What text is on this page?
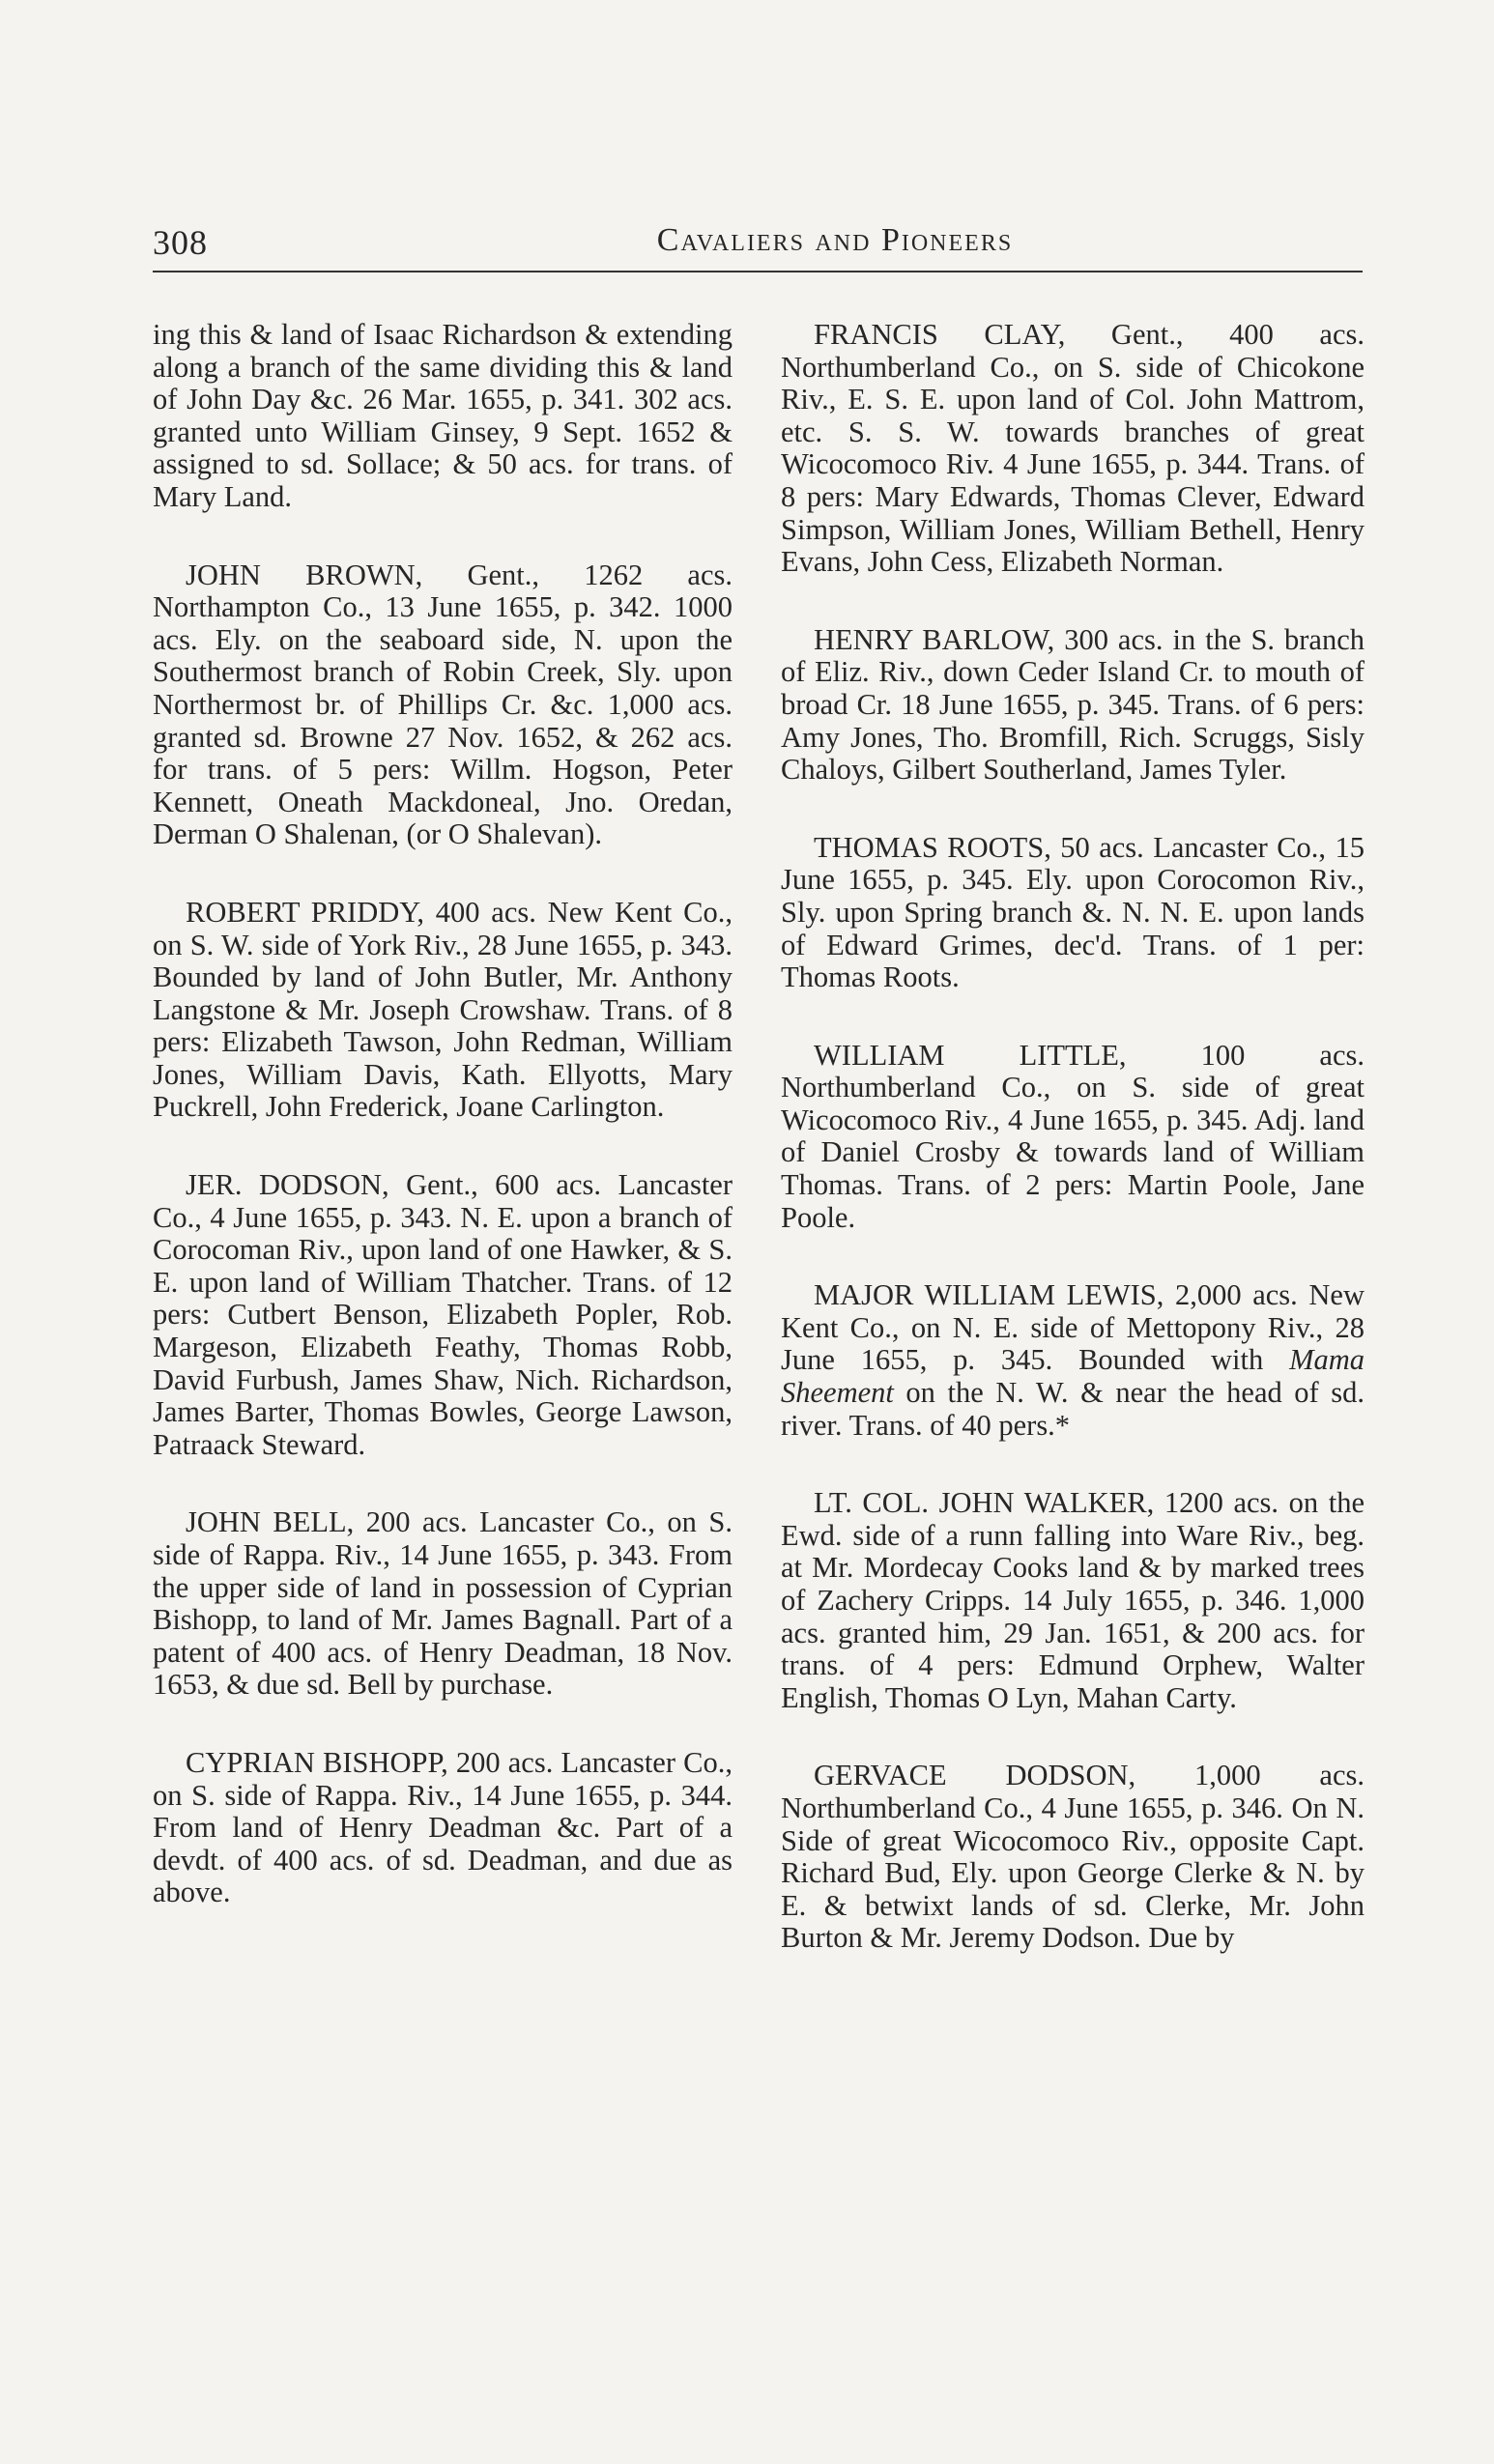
308	Cavaliers and Pioneers

ing this & land of Isaac Richardson & extending along a branch of the same dividing this & land of John Day &c. 26 Mar. 1655, p. 341. 302 acs. granted unto William Ginsey, 9 Sept. 1652 & assigned to sd. Sollace; & 50 acs. for trans. of Mary Land.

JOHN BROWN, Gent., 1262 acs. Northampton Co., 13 June 1655, p. 342. 1000 acs. Ely. on the seaboard side, N. upon the Southermost branch of Robin Creek, Sly. upon Northermost br. of Phillips Cr. &c. 1,000 acs. granted sd. Browne 27 Nov. 1652, & 262 acs. for trans. of 5 pers: Willm. Hogson, Peter Kennett, Oneath Mackdoneal, Jno. Oredan, Derman O Shalenan, (or O Shalevan).

ROBERT PRIDDY, 400 acs. New Kent Co., on S. W. side of York Riv., 28 June 1655, p. 343. Bounded by land of John Butler, Mr. Anthony Langstone & Mr. Joseph Crowshaw. Trans. of 8 pers: Elizabeth Tawson, John Redman, William Jones, William Davis, Kath. Ellyotts, Mary Puckrell, John Frederick, Joane Carlington.

JER. DODSON, Gent., 600 acs. Lancaster Co., 4 June 1655, p. 343. N. E. upon a branch of Corocoman Riv., upon land of one Hawker, & S. E. upon land of William Thatcher. Trans. of 12 pers: Cutbert Benson, Elizabeth Popler, Rob. Margeson, Elizabeth Feathy, Thomas Robb, David Furbush, James Shaw, Nich. Richardson, James Barter, Thomas Bowles, George Lawson, Patraack Steward.

JOHN BELL, 200 acs. Lancaster Co., on S. side of Rappa. Riv., 14 June 1655, p. 343. From the upper side of land in possession of Cyprian Bishopp, to land of Mr. James Bagnall. Part of a patent of 400 acs. of Henry Deadman, 18 Nov. 1653, & due sd. Bell by purchase.

CYPRIAN BISHOPP, 200 acs. Lancaster Co., on S. side of Rappa. Riv., 14 June 1655, p. 344. From land of Henry Deadman &c. Part of a devdt. of 400 acs. of sd. Deadman, and due as above.

FRANCIS CLAY, Gent., 400 acs. Northumberland Co., on S. side of Chicokone Riv., E. S. E. upon land of Col. John Mattrom, etc. S. S. W. towards branches of great Wicocomoco Riv. 4 June 1655, p. 344. Trans. of 8 pers: Mary Edwards, Thomas Clever, Edward Simpson, William Jones, William Bethell, Henry Evans, John Cess, Elizabeth Norman.

HENRY BARLOW, 300 acs. in the S. branch of Eliz. Riv., down Ceder Island Cr. to mouth of broad Cr. 18 June 1655, p. 345. Trans. of 6 pers: Amy Jones, Tho. Bromfill, Rich. Scruggs, Sisly Chaloys, Gilbert Southerland, James Tyler.

THOMAS ROOTS, 50 acs. Lancaster Co., 15 June 1655, p. 345. Ely. upon Corocomon Riv., Sly. upon Spring branch &. N. N. E. upon lands of Edward Grimes, dec'd. Trans. of 1 per: Thomas Roots.

WILLIAM LITTLE, 100 acs. Northumberland Co., on S. side of great Wicocomoco Riv., 4 June 1655, p. 345. Adj. land of Daniel Crosby & towards land of William Thomas. Trans. of 2 pers: Martin Poole, Jane Poole.

MAJOR WILLIAM LEWIS, 2,000 acs. New Kent Co., on N. E. side of Mettopony Riv., 28 June 1655, p. 345. Bounded with Mama Sheement on the N. W. & near the head of sd. river. Trans. of 40 pers.*

LT. COL. JOHN WALKER, 1200 acs. on the Ewd. side of a runn falling into Ware Riv., beg. at Mr. Mordecay Cooks land & by marked trees of Zachery Cripps. 14 July 1655, p. 346. 1,000 acs. granted him, 29 Jan. 1651, & 200 acs. for trans. of 4 pers: Edmund Orphew, Walter English, Thomas O Lyn, Mahan Carty.

GERVACE DODSON, 1,000 acs. Northumberland Co., 4 June 1655, p. 346. On N. Side of great Wicocomoco Riv., opposite Capt. Richard Bud, Ely. upon George Clerke & N. by E. & betwixt lands of sd. Clerke, Mr. John Burton & Mr. Jeremy Dodson. Due by
